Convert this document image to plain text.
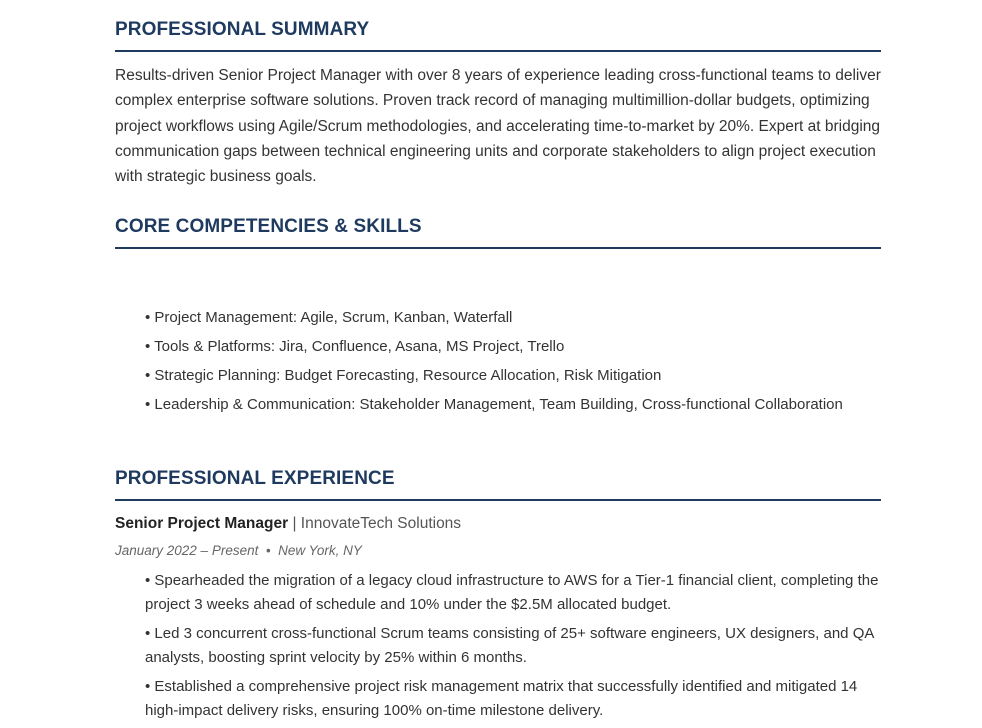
PROFESSIONAL SUMMARY

Results-driven Senior Project Manager with over 8 years of experience leading cross-functional teams to deliver complex enterprise software solutions. Proven track record of managing multimillion-dollar budgets, optimizing project workflows using Agile/Scrum methodologies, and accelerating time-to-market by 20%. Expert at bridging communication gaps between technical engineering units and corporate stakeholders to align project execution with strategic business goals.

CORE COMPETENCIES & SKILLS
• Project Management: Agile, Scrum, Kanban, Waterfall
• Tools & Platforms: Jira, Confluence, Asana, MS Project, Trello
• Strategic Planning: Budget Forecasting, Resource Allocation, Risk Mitigation
• Leadership & Communication: Stakeholder Management, Team Building, Cross-functional Collaboration
PROFESSIONAL EXPERIENCE
Senior Project Manager | InnovateTech Solutions
January 2022 – Present  •  New York, NY
• Spearheaded the migration of a legacy cloud infrastructure to AWS for a Tier-1 financial client, completing the project 3 weeks ahead of schedule and 10% under the $2.5M allocated budget.
• Led 3 concurrent cross-functional Scrum teams consisting of 25+ software engineers, UX designers, and QA analysts, boosting sprint velocity by 25% within 6 months.
• Established a comprehensive project risk management matrix that successfully identified and mitigated 14 high-impact delivery risks, ensuring 100% on-time milestone delivery.
